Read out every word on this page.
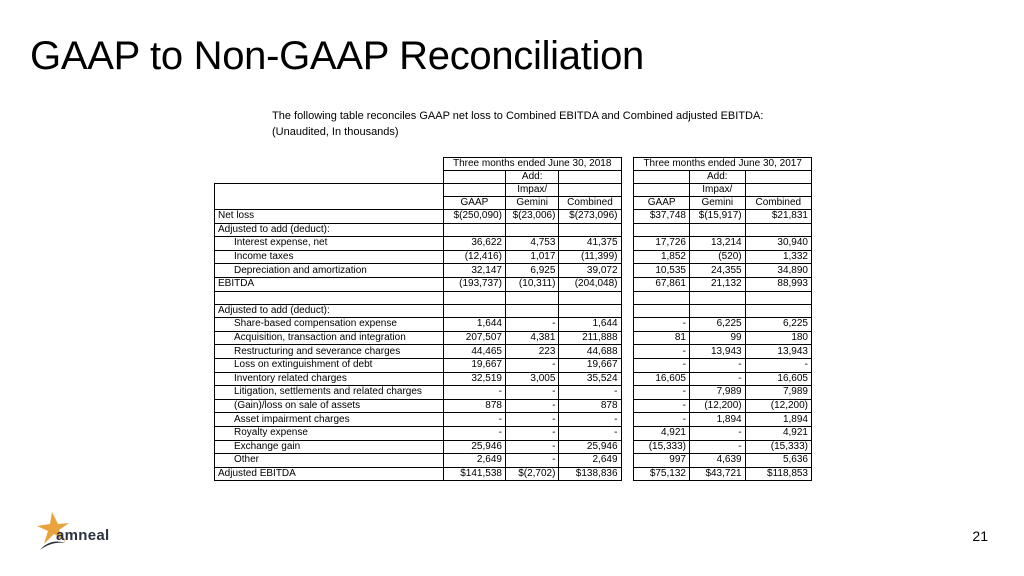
GAAP to Non-GAAP Reconciliation
The following table reconciles GAAP net loss to Combined EBITDA and Combined adjusted EBITDA:
(Unaudited, In thousands)
	Three months ended June 30, 2018				Three months ended June 30, 2017		
		Add:				Add:	
		Impax/				Impax/	
	GAAP	Gemini	Combined		GAAP	Gemini	Combined
Net loss	$(250,090)	$(23,006)	$(273,096)		$37,748	$(15,917)	$21,831
Adjusted to add (deduct):							
Interest expense, net	36,622	4,753	41,375		17,726	13,214	30,940
Income taxes	(12,416)	1,017	(11,399)		1,852	(520)	1,332
Depreciation and amortization	32,147	6,925	39,072		10,535	24,355	34,890
EBITDA	(193,737)	(10,311)	(204,048)		67,861	21,132	88,993

Adjusted to add (deduct):							
Share-based compensation expense	1,644	-	1,644		-	6,225	6,225
Acquisition, transaction and integration	207,507	4,381	211,888		81	99	180
Restructuring and severance charges	44,465	223	44,688		-	13,943	13,943
Loss on extinguishment of debt	19,667	-	19,667		-	-	-
Inventory related charges	32,519	3,005	35,524		16,605	-	16,605
Litigation, settlements and related charges	-	-	-		-	7,989	7,989
(Gain)/loss on sale of assets	878	-	878		-	(12,200)	(12,200)
Asset impairment charges	-	-	-		-	1,894	1,894
Royalty expense	-	-	-		4,921	-	4,921
Exchange gain	25,946	-	25,946		(15,333)	-	(15,333)
Other	2,649	-	2,649		997	4,639	5,636
Adjusted EBITDA	$141,538	$(2,702)	$138,836		$75,132	$43,721	$118,853
amneal	21
